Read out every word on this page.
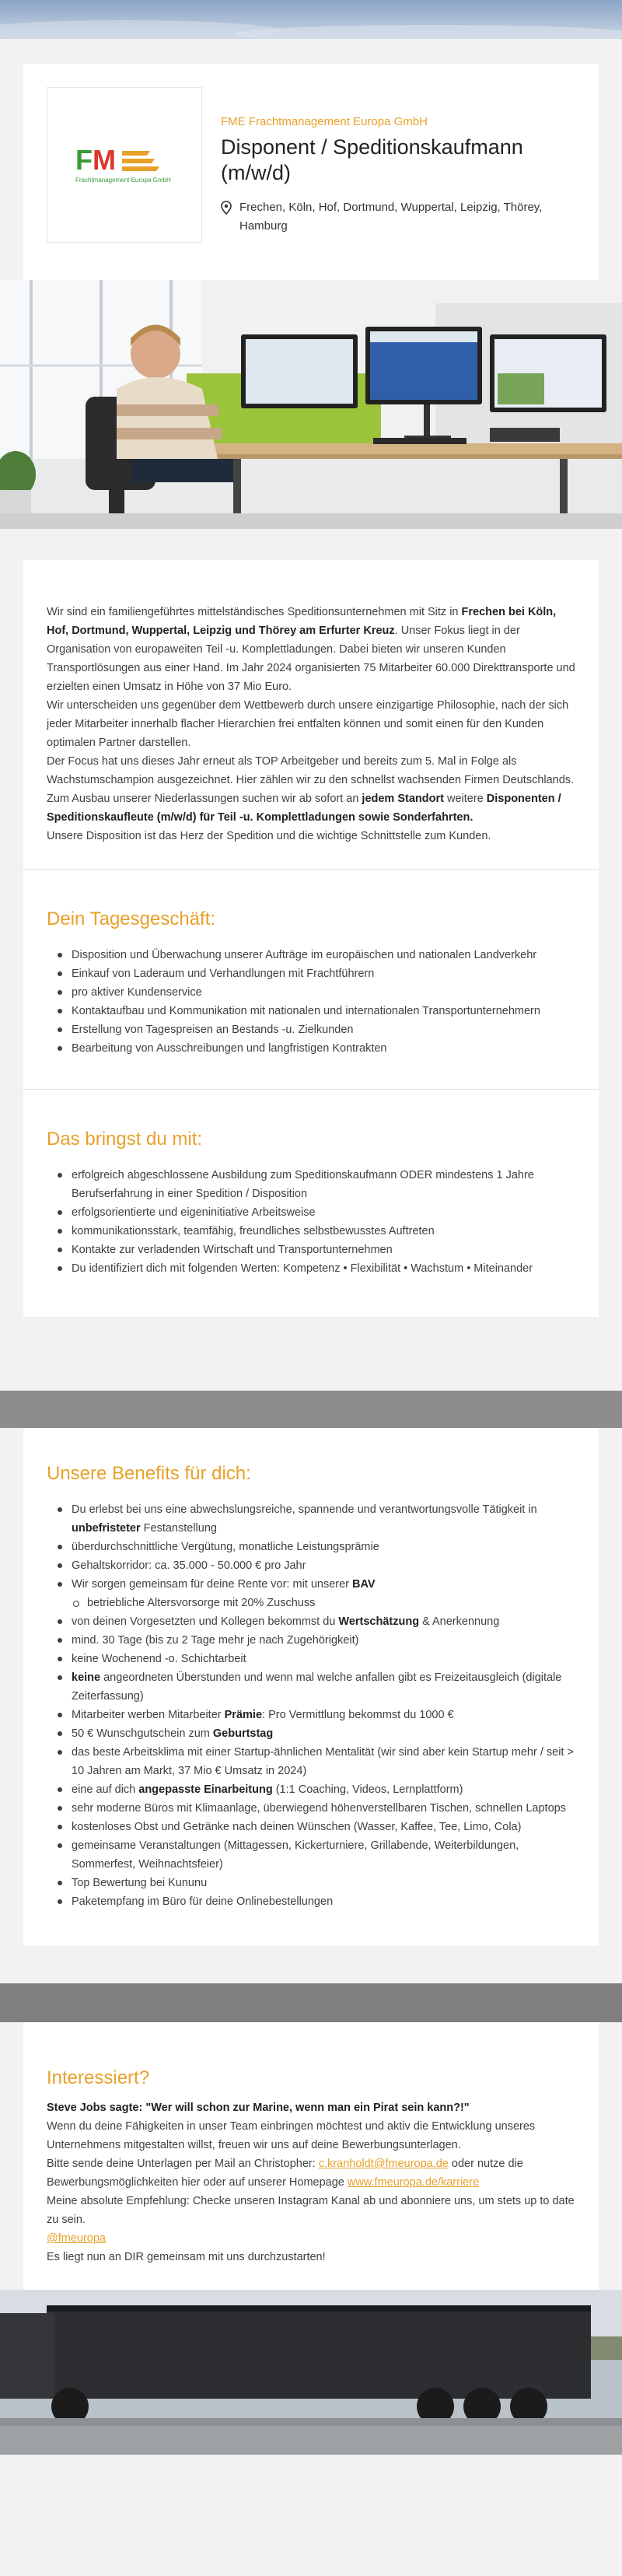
F M
Frachtmanagement Europa GmbH
FME Frachtmanagement Europa GmbH
Disponent / Speditionskaufmann (m/w/d)
Frechen, Köln, Hof, Dortmund, Wuppertal, Leipzig, Thörey, Hamburg

Wir sind ein familiengeführtes mittelständisches Speditionsunternehmen mit Sitz in Frechen bei Köln, Hof, Dortmund, Wuppertal, Leipzig und Thörey am Erfurter Kreuz. Unser Fokus liegt in der Organisation von europaweiten Teil -u. Komplettladungen. Dabei bieten wir unseren Kunden Transportlösungen aus einer Hand. Im Jahr 2024 organisierten 75 Mitarbeiter 60.000 Direkttransporte und erzielten einen Umsatz in Höhe von 37 Mio Euro.

Wir unterscheiden uns gegenüber dem Wettbewerb durch unsere einzigartige Philosophie, nach der sich jeder Mitarbeiter innerhalb flacher Hierarchien frei entfalten können und somit einen für den Kunden optimalen Partner darstellen.

Der Focus hat uns dieses Jahr erneut als TOP Arbeitgeber und bereits zum 5. Mal in Folge als Wachstumschampion ausgezeichnet. Hier zählen wir zu den schnellst wachsenden Firmen Deutschlands.

Zum Ausbau unserer Niederlassungen suchen wir ab sofort an jedem Standort weitere Disponenten / Speditionskaufleute (m/w/d) für Teil -u. Komplettladungen sowie Sonderfahrten.

Unsere Disposition ist das Herz der Spedition und die wichtige Schnittstelle zum Kunden.

Dein Tagesgeschäft:
Disposition und Überwachung unserer Aufträge im europäischen und nationalen Landverkehr
Einkauf von Laderaum und Verhandlungen mit Frachtführern
pro aktiver Kundenservice
Kontaktaufbau und Kommunikation mit nationalen und internationalen Transportunternehmern
Erstellung von Tagespreisen an Bestands -u. Zielkunden
Bearbeitung von Ausschreibungen und langfristigen Kontrakten
Das bringst du mit:
erfolgreich abgeschlossene Ausbildung zum Speditionskaufmann ODER mindestens 1 Jahre Berufserfahrung in einer Spedition / Disposition
erfolgsorientierte und eigeninitiative Arbeitsweise
kommunikationsstark, teamfähig, freundliches selbstbewusstes Auftreten
Kontakte zur verladenden Wirtschaft und Transportunternehmen
Du identifiziert dich mit folgenden Werten: Kompetenz • Flexibilität • Wachstum • Miteinander
Unsere Benefits für dich:
Du erlebst bei uns eine abwechslungsreiche, spannende und verantwortungsvolle Tätigkeit in unbefristeter Festanstellung
überdurchschnittliche Vergütung, monatliche Leistungsprämie
Gehaltskorridor: ca. 35.000 - 50.000 € pro Jahr
Wir sorgen gemeinsam für deine Rente vor: mit unserer BAV
betriebliche Altersvorsorge mit 20% Zuschuss
von deinen Vorgesetzten und Kollegen bekommst du Wertschätzung & Anerkennung
mind. 30 Tage (bis zu 2 Tage mehr je nach Zugehörigkeit)
keine Wochenend -o. Schichtarbeit
keine angeordneten Überstunden und wenn mal welche anfallen gibt es Freizeitausgleich (digitale Zeiterfassung)
Mitarbeiter werben Mitarbeiter Prämie: Pro Vermittlung bekommst du 1000 €
50 € Wunschgutschein zum Geburtstag
das beste Arbeitsklima mit einer Startup-ähnlichen Mentalität (wir sind aber kein Startup mehr / seit > 10 Jahren am Markt, 37 Mio € Umsatz in 2024)
eine auf dich angepasste Einarbeitung (1:1 Coaching, Videos, Lernplattform)
sehr moderne Büros mit Klimaanlage, überwiegend höhenverstellbaren Tischen, schnellen Laptops
kostenloses Obst und Getränke nach deinen Wünschen (Wasser, Kaffee, Tee, Limo, Cola)
gemeinsame Veranstaltungen (Mittagessen, Kickerturniere, Grillabende, Weiterbildungen, Sommerfest, Weihnachtsfeier)
Top Bewertung bei Kununu
Paketempfang im Büro für deine Onlinebestellungen
Interessiert?
Steve Jobs sagte: "Wer will schon zur Marine, wenn man ein Pirat sein kann?!"
Wenn du deine Fähigkeiten in unser Team einbringen möchtest und aktiv die Entwicklung unseres Unternehmens mitgestalten willst, freuen wir uns auf deine Bewerbungsunterlagen.
Bitte sende deine Unterlagen per Mail an Christopher: c.kranholdt@fmeuropa.de oder nutze die Bewerbungsmöglichkeiten hier oder auf unserer Homepage www.fmeuropa.de/karriere
Meine absolute Empfehlung: Checke unseren Instagram Kanal ab und abonniere uns, um stets up to date zu sein.
@fmeuropa
Es liegt nun an DIR gemeinsam mit uns durchzustarten!
